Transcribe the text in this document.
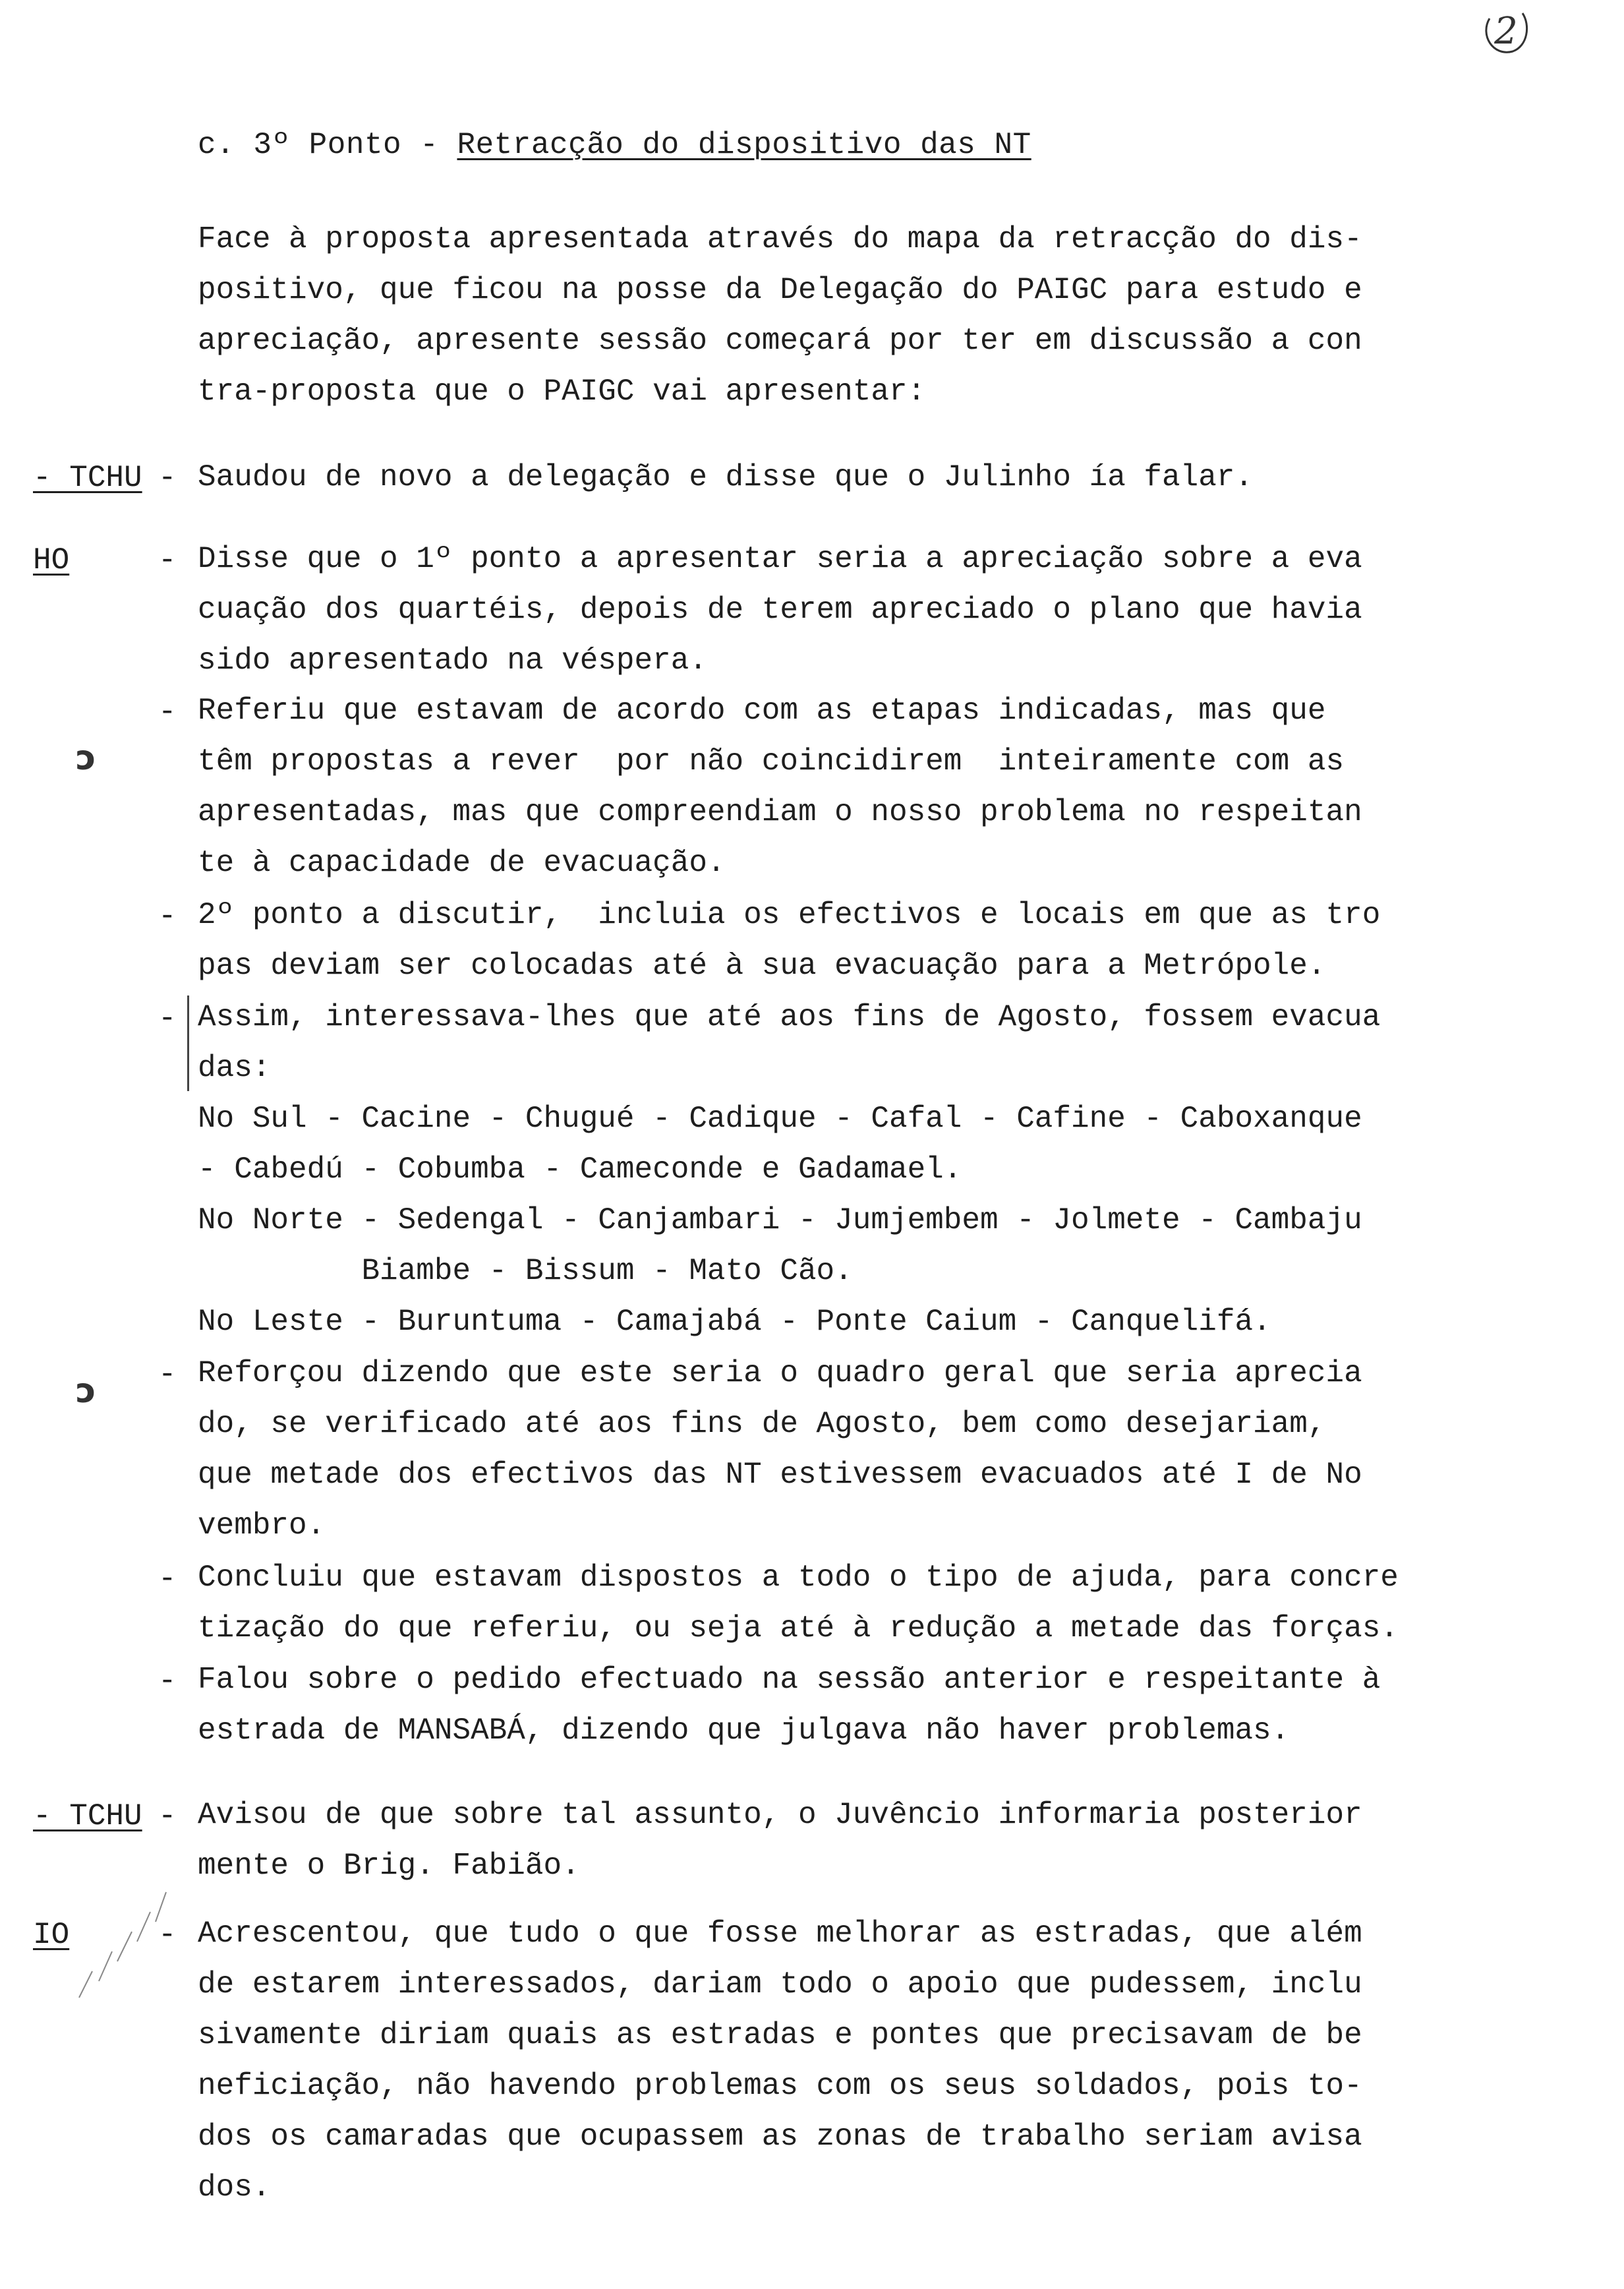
2
c. 3º Ponto - Retracção do dispositivo das NT
Face à proposta apresentada através do mapa da retracção do dis-
positivo, que ficou na posse da Delegação do PAIGC para estudo e
apreciação, apresente sessão começará por ter em discussão a con
tra-proposta que o PAIGC vai apresentar:
- TCHU - Saudou de novo a delegação e disse que o Julinho ía falar.
HO	- Disse que o 1º ponto a apresentar seria a apreciação sobre a eva
cuação dos quartéis, depois de terem apreciado o plano que havia
sido apresentado na véspera.
-
ↄ
Referiu que estavam de acordo com as etapas indicadas, mas que
têm propostas a rever  por não coincidirem  inteiramente com as
apresentadas, mas que compreendiam o nosso problema no respeitan
te à capacidade de evacuação.
- 2º ponto a discutir,  incluia os efectivos e locais em que as tro
pas deviam ser colocadas até à sua evacuação para a Metrópole.
- Assim, interessava-lhes que até aos fins de Agosto, fossem evacua
das:
No Sul - Cacine - Chugué - Cadique - Cafal - Cafine - Caboxanque
- Cabedú - Cobumba - Cameconde e Gadamael.
No Norte - Sedengal - Canjambari - Jumjembem - Jolmete - Cambaju
Biambe - Bissum - Mato Cão.
No Leste - Buruntuma - Camajabá - Ponte Caium - Canquelifá.
-
ↄ	Reforçou dizendo que este seria o quadro geral que seria aprecia
do, se verificado até aos fins de Agosto, bem como desejariam,
que metade dos efectivos das NT estivessem evacuados até I de No
vembro.
- Concluiu que estavam dispostos a todo o tipo de ajuda, para concre
tização do que referiu, ou seja até à redução a metade das forças.
- Falou sobre o pedido efectuado na sessão anterior e respeitante à
estrada de MANSABÁ, dizendo que julgava não haver problemas.
- TCHU - Avisou de que sobre tal assunto, o Juvêncio informaria posterior
mente o Brig. Fabião.
IO	- Acrescentou, que tudo o que fosse melhorar as estradas, que além
de estarem interessados, dariam todo o apoio que pudessem, inclu
sivamente diriam quais as estradas e pontes que precisavam de be
neficiação, não havendo problemas com os seus soldados, pois to-
dos os camaradas que ocupassem as zonas de trabalho seriam avisa
dos.
